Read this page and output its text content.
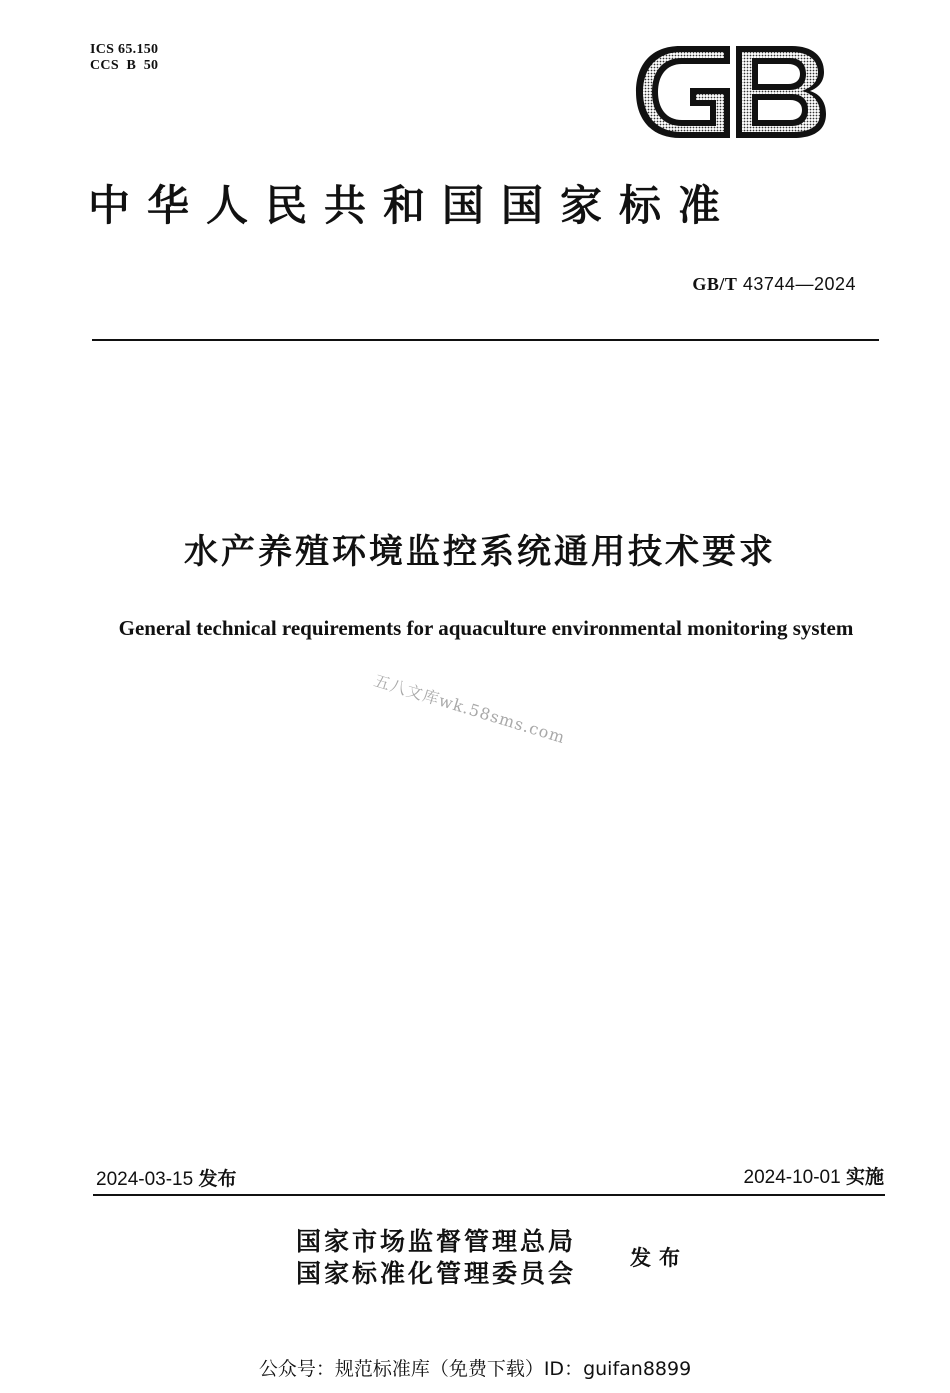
ICS 65.150
CCS  B  50
中华人民共和国国家标准
GB/T 43744—2024
水产养殖环境监控系统通用技术要求
General technical requirements for aquaculture environmental monitoring system
五八文库wk.58sms.com
2024-03-15 发布	2024-10-01 实施
国家市场监督管理总局
国家标准化管理委员会
发布
公众号：规范标准库（免费下载）ID：guifan8899
